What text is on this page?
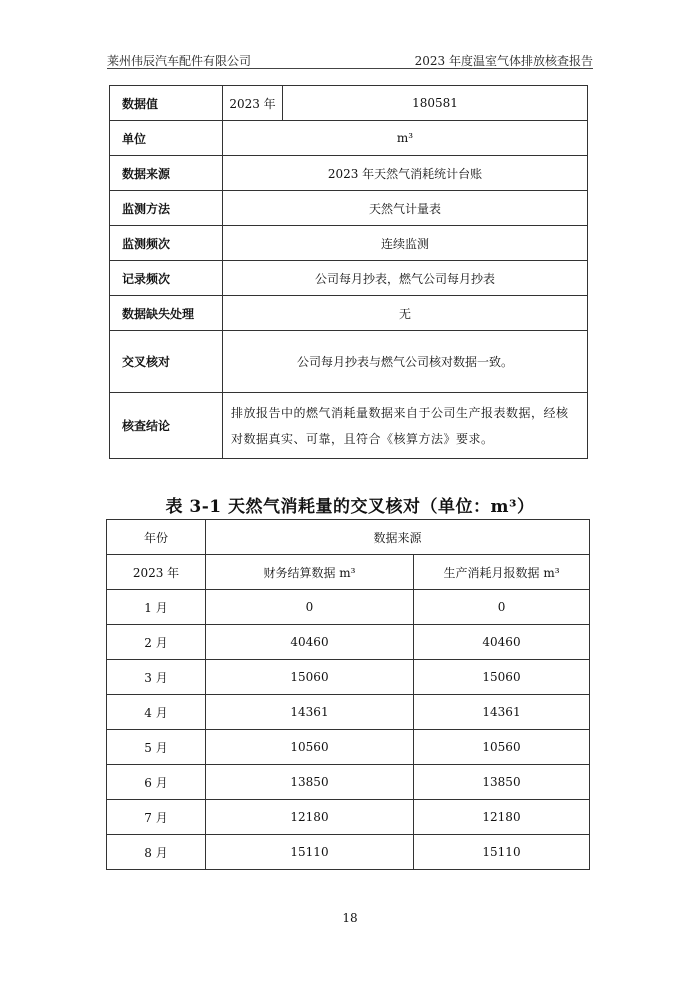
莱州伟辰汽车配件有限公司	2023 年度温室气体排放核查报告
数据值	2023 年	180581
单位	m³	
数据来源	2023 年天然气消耗统计台账	
监测方法	天然气计量表	
监测频次	连续监测	
记录频次	公司每月抄表，燃气公司每月抄表	
数据缺失处理	无	
交叉核对	公司每月抄表与燃气公司核对数据一致。	
核查结论	排放报告中的燃气消耗量数据来自于公司生产报表数据，经核对数据真实、可靠，且符合《核算方法》要求。	
表 3-1 天然气消耗量的交叉核对（单位：m³）
年份	数据来源	
2023 年	财务结算数据 m³	生产消耗月报数据 m³
1 月	0	0
2 月	40460	40460
3 月	15060	15060
4 月	14361	14361
5 月	10560	10560
6 月	13850	13850
7 月	12180	12180
8 月	15110	15110
18
